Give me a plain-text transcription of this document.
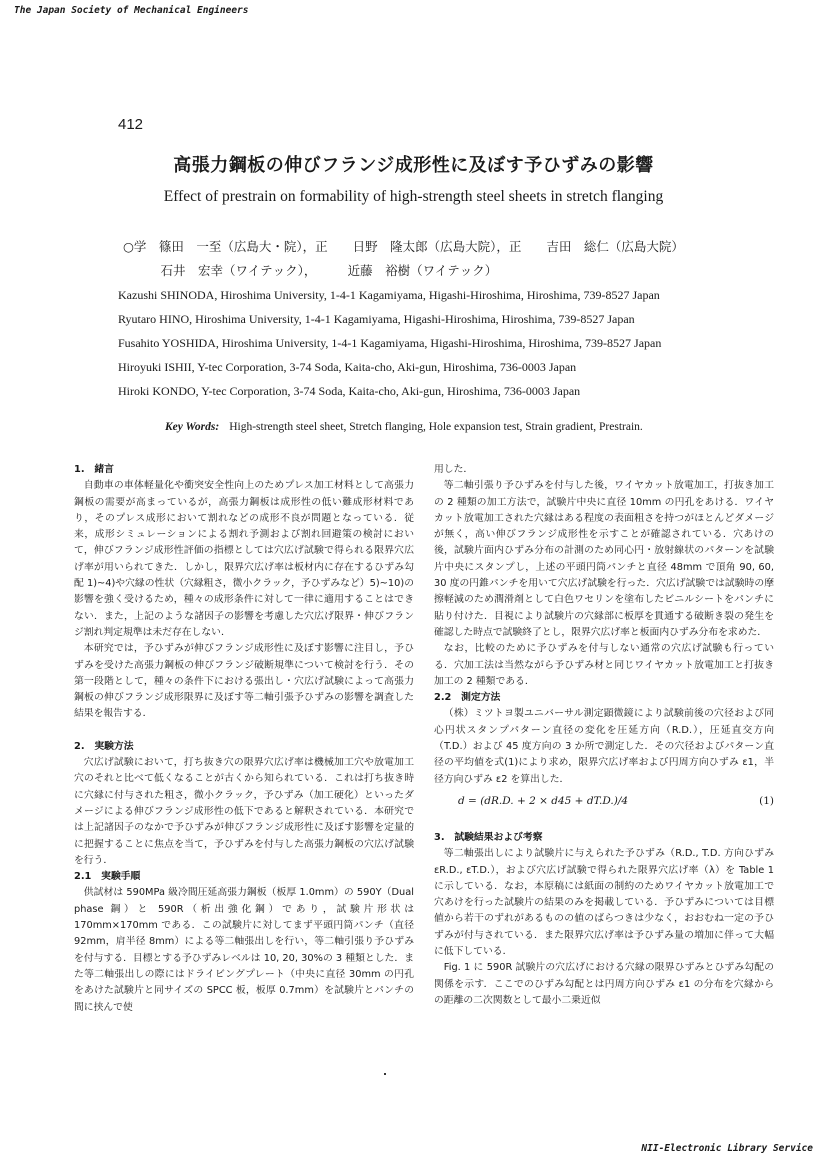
The Japan Society of Mechanical Engineers
412
高張力鋼板の伸びフランジ成形性に及ぼす予ひずみの影響
Effect of prestrain on formability of high-strength steel sheets in stretch flanging
○学　篠田　一至（広島大・院），正　　日野　隆太郎（広島大院），正　　吉田　総仁（広島大院）
　　　石井　宏幸（ワイテック），　　　近藤　裕樹（ワイテック）
Kazushi SHINODA, Hiroshima University, 1-4-1 Kagamiyama, Higashi-Hiroshima, Hiroshima, 739-8527 Japan
Ryutaro HINO, Hiroshima University, 1-4-1 Kagamiyama, Higashi-Hiroshima, Hiroshima, 739-8527 Japan
Fusahito YOSHIDA, Hiroshima University, 1-4-1 Kagamiyama, Higashi-Hiroshima, Hiroshima, 739-8527 Japan
Hiroyuki ISHII, Y-tec Corporation, 3-74 Soda, Kaita-cho, Aki-gun, Hiroshima, 736-0003 Japan
Hiroki KONDO, Y-tec Corporation, 3-74 Soda, Kaita-cho, Aki-gun, Hiroshima, 736-0003 Japan
Key Words: High-strength steel sheet, Stretch flanging, Hole expansion test, Strain gradient, Prestrain.

1.　緒言

自動車の車体軽量化や衝突安全性向上のためプレス加工材料として高張力鋼板の需要が高まっているが，高張力鋼板は成形性の低い難成形材料であり，そのプレス成形において割れなどの成形不良が問題となっている．従来，成形シミュレーションによる割れ予測および割れ回避策の検討において，伸びフランジ成形性評価の指標としては穴広げ試験で得られる限界穴広げ率が用いられてきた．しかし，限界穴広げ率は板材内に存在するひずみ勾配 1)~4)や穴縁の性状（穴縁粗さ，微小クラック，予ひずみなど）5)~10)の影響を強く受けるため，種々の成形条件に対して一律に適用することはできない．また，上記のような諸因子の影響を考慮した穴広げ限界・伸びフランジ割れ判定規準は未だ存在しない．

本研究では，予ひずみが伸びフランジ成形性に及ぼす影響に注目し，予ひずみを受けた高張力鋼板の伸びフランジ破断規準について検討を行う．その第一段階として，種々の条件下における張出し・穴広げ試験によって高張力鋼板の伸びフランジ成形限界に及ぼす等二軸引張予ひずみの影響を調査した結果を報告する．

2.　実験方法

穴広げ試験において，打ち抜き穴の限界穴広げ率は機械加工穴や放電加工穴のそれと比べて低くなることが古くから知られている．これは打ち抜き時に穴縁に付与された粗さ，微小クラック，予ひずみ（加工硬化）といったダメージによる伸びフランジ成形性の低下であると解釈されている．本研究では上記諸因子のなかで予ひずみが伸びフランジ成形性に及ぼす影響を定量的に把握することに焦点を当て，予ひずみを付与した高張力鋼板の穴広げ試験を行う．

2.1　実験手順

供試材は 590MPa 級冷間圧延高張力鋼板（板厚 1.0mm）の 590Y（Dual phase 鋼）と 590R（析出強化鋼）であり，試験片形状は 170mm×170mm である．この試験片に対してまず平頭円筒パンチ（直径 92mm，肩半径 8mm）による等二軸張出しを行い，等二軸引張り予ひずみを付与する．目標とする予ひずみレベルは 10, 20, 30%の 3 種類とした．また等二軸張出しの際にはドライビングプレート（中央に直径 30mm の円孔をあけた試験片と同サイズの SPCC 板，板厚 0.7mm）を試験片とパンチの間に挟んで使

用した．

等二軸引張り予ひずみを付与した後，ワイヤカット放電加工，打抜き加工の 2 種類の加工方法で，試験片中央に直径 10mm の円孔をあける．ワイヤカット放電加工された穴縁はある程度の表面粗さを持つがほとんどダメージが無く，高い伸びフランジ成形性を示すことが確認されている．穴あけの後，試験片面内ひずみ分布の計測のため同心円・放射線状のパターンを試験片中央にスタンプし，上述の平頭円筒パンチと直径 48mm で頂角 90, 60, 30 度の円錐パンチを用いて穴広げ試験を行った．穴広げ試験では試験時の摩擦軽減のため潤滑剤として白色ワセリンを塗布したビニルシートをパンチに貼り付けた．目視により試験片の穴縁部に板厚を貫通する破断き裂の発生を確認した時点で試験終了とし，限界穴広げ率と板面内ひずみ分布を求めた．

なお，比較のために予ひずみを付与しない通常の穴広げ試験も行っている．穴加工法は当然ながら予ひずみ材と同じワイヤカット放電加工と打抜き加工の 2 種類である．

2.2　測定方法

（株）ミツトヨ製ユニバーサル測定顕微鏡により試験前後の穴径および同心円状スタンプパターン直径の変化を圧延方向（R.D.），圧延直交方向（T.D.）および 45 度方向の 3 か所で測定した．その穴径およびパターン直径の平均値を式(1)により求め，限界穴広げ率および円周方向ひずみ ε1，半径方向ひずみ ε2 を算出した．

d = (dR.D. + 2 × d45 + dT.D.)/4	(1)

3.　試験結果および考察

等二軸張出しにより試験片に与えられた予ひずみ（R.D., T.D. 方向ひずみ εR.D., εT.D.），および穴広げ試験で得られた限界穴広げ率（λ）を Table 1 に示している．なお，本原稿には紙面の制約のためワイヤカット放電加工で穴あけを行った試験片の結果のみを掲載している．予ひずみについては目標値から若干のずれがあるものの値のばらつきは少なく，おおむね一定の予ひずみが付与されている．また限界穴広げ率は予ひずみ量の増加に伴って大幅に低下している．

Fig. 1 に 590R 試験片の穴広げにおける穴縁の限界ひずみとひずみ勾配の関係を示す．ここでのひずみ勾配とは円周方向ひずみ ε1 の分布を穴縁からの距離の二次関数として最小二乗近似

NII-Electronic Library Service
